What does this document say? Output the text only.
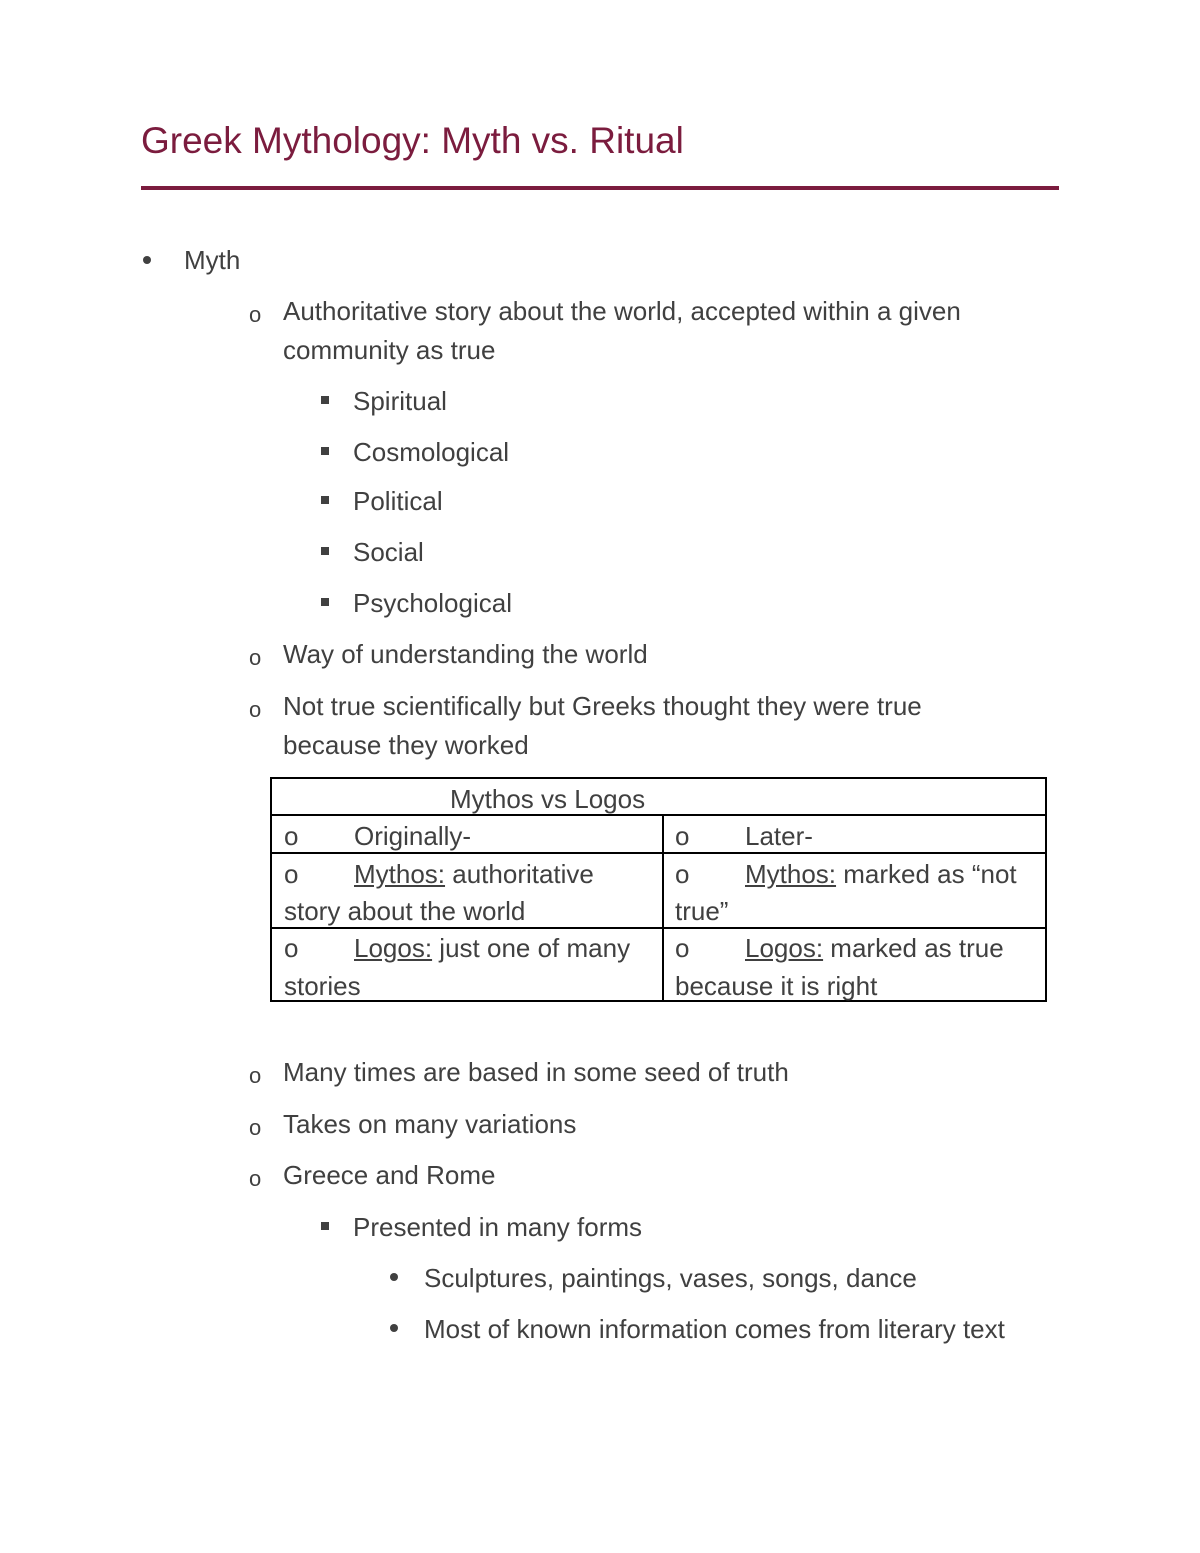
Greek Mythology: Myth vs. Ritual
Myth
o Authoritative story about the world, accepted within a given
community as true
Spiritual
Cosmological
Political
Social
Psychological
o Way of understanding the world
o Not true scientifically but Greeks thought they were true
because they worked
Mythos vs Logos
o Originally-	o Later-
o Mythos: authoritative
story about the world
o Mythos: marked as “not
true”
o Logos: just one of many
stories
o Logos: marked as true
because it is right
o Many times are based in some seed of truth
o Takes on many variations
o Greece and Rome
Presented in many forms
Sculptures, paintings, vases, songs, dance
Most of known information comes from literary text
